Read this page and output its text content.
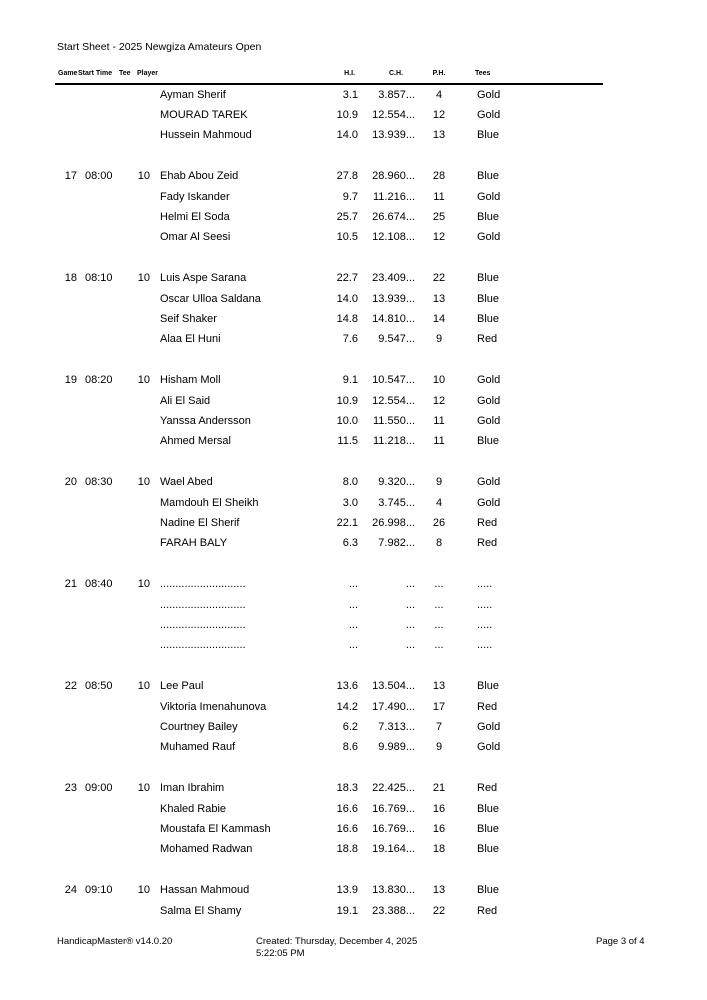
Start Sheet - 2025 Newgiza Amateurs Open
Game Start Time Tee Player	H.I.	C.H.	P.H.	Tees
Ayman Sherif	3.1	3.857...	4	Gold
MOURAD TAREK	10.9	12.554...	12	Gold
Hussein Mahmoud	14.0	13.939...	13	Blue
17 08:00	10 Ehab Abou Zeid	27.8	28.960...	28	Blue
Fady Iskander	9.7	11.216...	11	Gold
Helmi El Soda	25.7	26.674...	25	Blue
Omar Al Seesi	10.5	12.108...	12	Gold
18 08:10	10 Luis Aspe Sarana	22.7	23.409...	22	Blue
Oscar Ulloa Saldana	14.0	13.939...	13	Blue
Seif Shaker	14.8	14.810...	14	Blue
Alaa El Huni	7.6	9.547...	9	Red
19 08:20	10 Hisham Moll	9.1	10.547...	10	Gold
Ali El Said	10.9	12.554...	12	Gold
Yanssa Andersson	10.0	11.550...	11	Gold
Ahmed Mersal	11.5	11.218...	11	Blue
20 08:30	10 Wael Abed	8.0	9.320...	9	Gold
Mamdouh El Sheikh	3.0	3.745...	4	Gold
Nadine El Sherif	22.1	26.998...	26	Red
FARAH BALY	6.3	7.982...	8	Red
21 08:40	10 ............................	...	...	...	.....
............................	...	...	...	.....
............................	...	...	...	.....
............................	...	...	...	.....
22 08:50	10 Lee Paul	13.6	13.504...	13	Blue
Viktoria Imenahunova	14.2	17.490...	17	Red
Courtney Bailey	6.2	7.313...	7	Gold
Muhamed Rauf	8.6	9.989...	9	Gold
23 09:00	10 Iman Ibrahim	18.3	22.425...	21	Red
Khaled Rabie	16.6	16.769...	16	Blue
Moustafa El Kammash	16.6	16.769...	16	Blue
Mohamed Radwan	18.8	19.164...	18	Blue
24 09:10	10 Hassan Mahmoud	13.9	13.830...	13	Blue
Salma El Shamy	19.1	23.388...	22	Red
HandicapMaster® v14.0.20	Created: Thursday, December 4, 2025
5:22:05 PM
Page 3 of 4
